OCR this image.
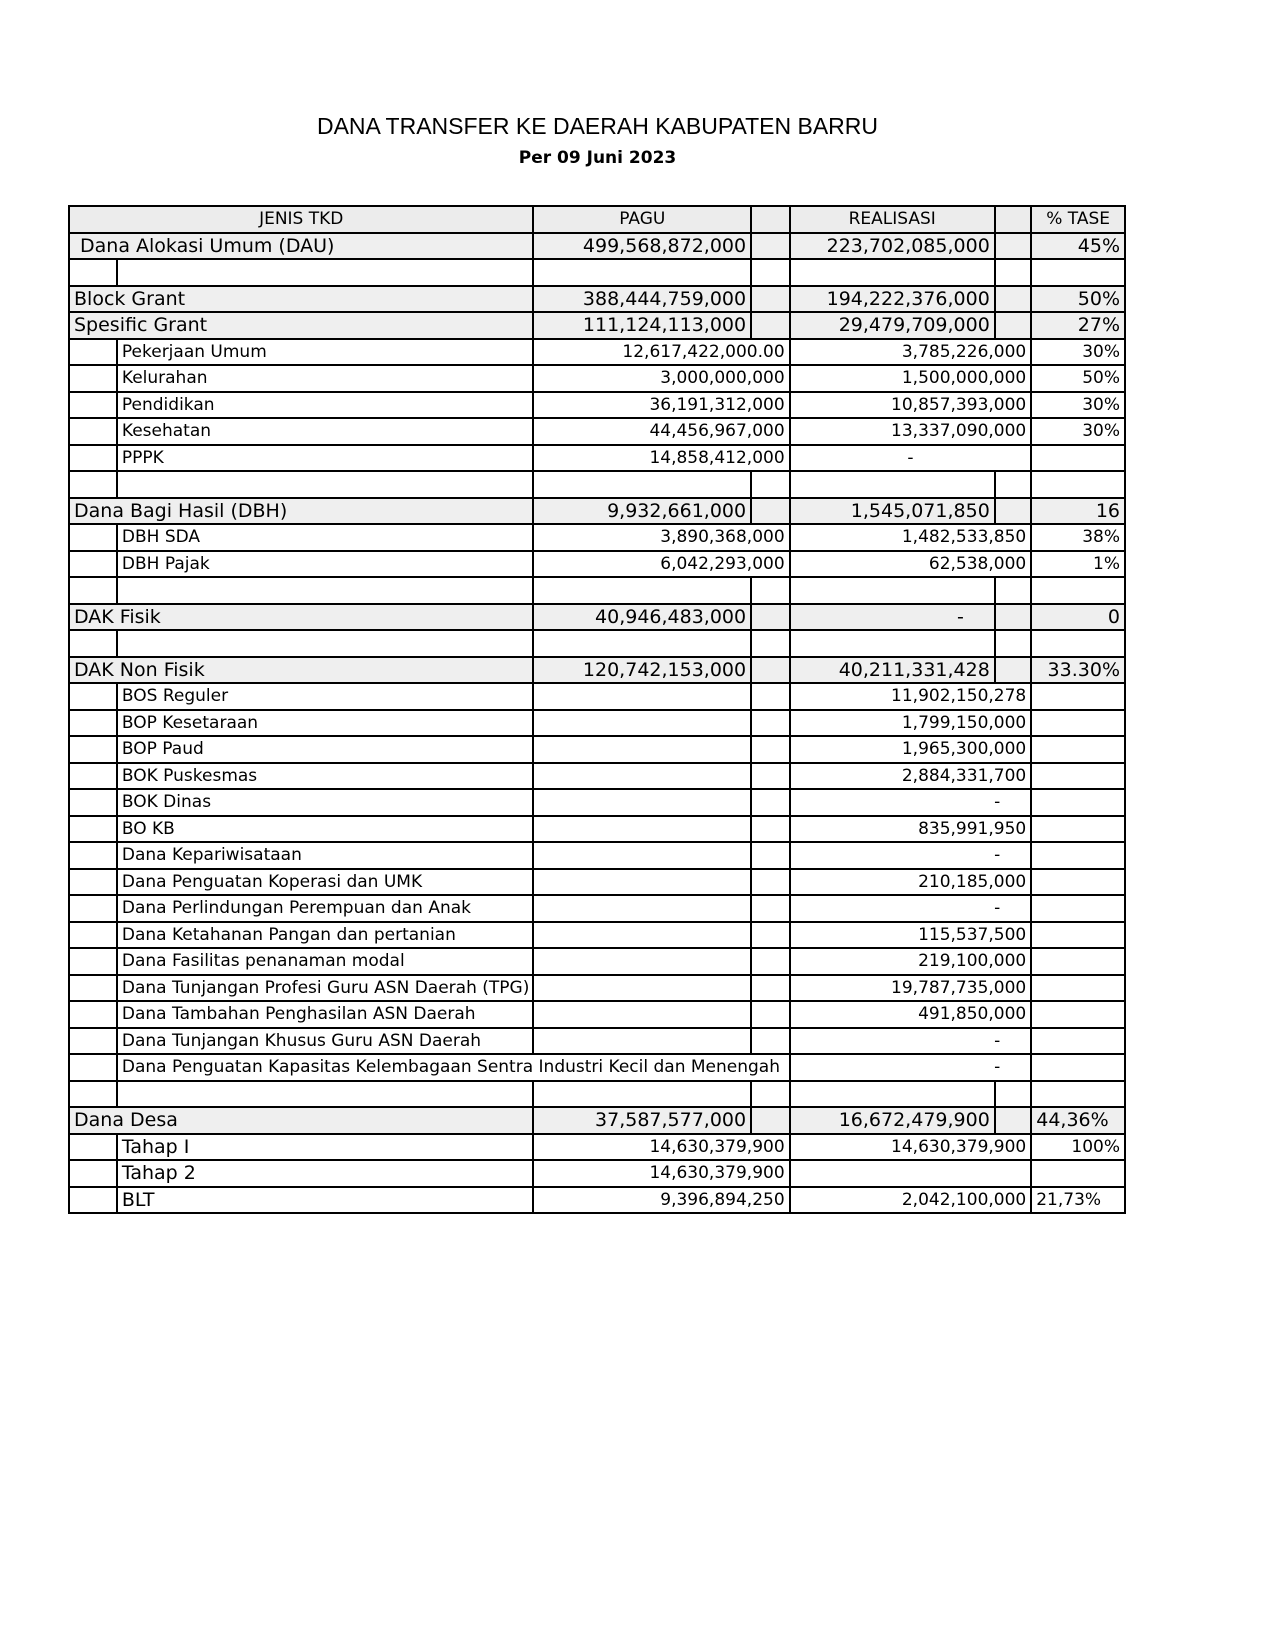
DANA TRANSFER KE DAERAH KABUPATEN BARRU
Per 09 Juni 2023
JENIS TKD		PAGU		REALISASI		% TASE
Dana Alokasi Umum (DAU)		499,568,872,000		223,702,085,000		45%

Block Grant		388,444,759,000		194,222,376,000		50%
Spesific Grant		111,124,113,000		29,479,709,000		27%
	Pekerjaan Umum	12,617,422,000.00		3,785,226,000		30%
	Kelurahan	3,000,000,000		1,500,000,000		50%
	Pendidikan	36,191,312,000		10,857,393,000		30%
	Kesehatan	44,456,967,000		13,337,090,000		30%
	PPPK	14,858,412,000		-		

Dana Bagi Hasil (DBH)		9,932,661,000		1,545,071,850		16
	DBH SDA	3,890,368,000		1,482,533,850		38%
	DBH Pajak	6,042,293,000		62,538,000		1%

DAK Fisik		40,946,483,000		-		0

DAK Non Fisik		120,742,153,000		40,211,331,428		33.30%
	BOS Reguler			11,902,150,278		
	BOP Kesetaraan			1,799,150,000		
	BOP Paud			1,965,300,000		
	BOK Puskesmas			2,884,331,700		
	BOK Dinas			-		
	BO KB			835,991,950		
	Dana Kepariwisataan			-		
	Dana Penguatan Koperasi dan UMK			210,185,000		
	Dana Perlindungan Perempuan dan Anak			-		
	Dana Ketahanan Pangan dan pertanian			115,537,500		
	Dana Fasilitas penanaman modal			219,100,000		
	Dana Tunjangan Profesi Guru ASN Daerah (TPG)			19,787,735,000		
	Dana Tambahan Penghasilan ASN Daerah			491,850,000		
	Dana Tunjangan Khusus Guru ASN Daerah			-		
	Dana Penguatan Kapasitas Kelembagaan Sentra Industri Kecil dan Menengah			-		

Dana Desa		37,587,577,000		16,672,479,900		44,36%
	Tahap I	14,630,379,900		14,630,379,900		100%
	Tahap 2	14,630,379,900				
	BLT	9,396,894,250		2,042,100,000		21,73%
